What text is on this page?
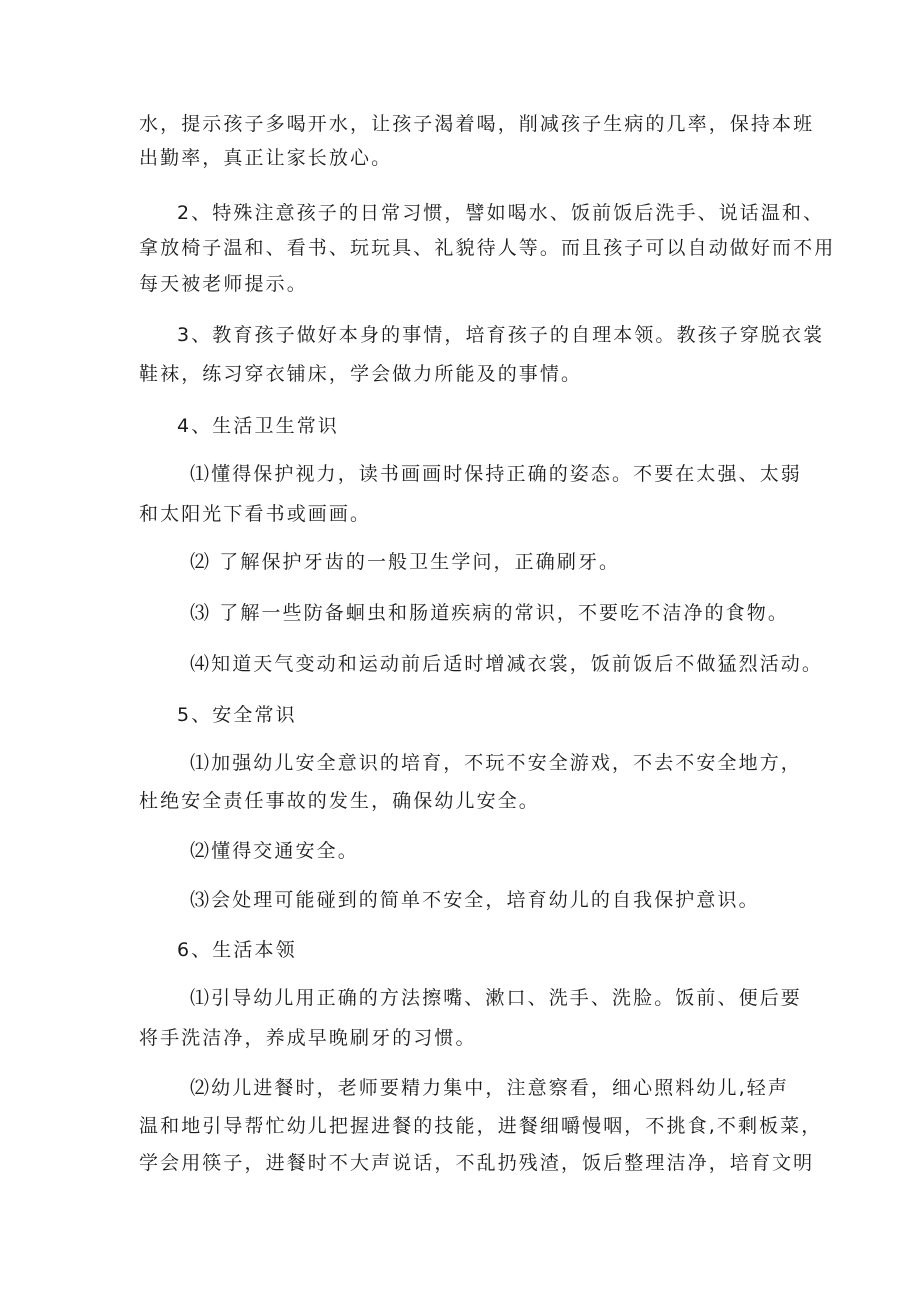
水，提示孩子多喝开水，让孩子渴着喝，削减孩子生病的几率，保持本班

出勤率，真正让家长放心。

2、特殊注意孩子的日常习惯，譬如喝水、饭前饭后洗手、说话温和、

拿放椅子温和、看书、玩玩具、礼貌待人等。而且孩子可以自动做好而不用

每天被老师提示。

3、教育孩子做好本身的事情，培育孩子的自理本领。教孩子穿脱衣裳

鞋袜，练习穿衣铺床，学会做力所能及的事情。

4、生活卫生常识

⑴懂得保护视力，读书画画时保持正确的姿态。不要在太强、太弱

和太阳光下看书或画画。

⑵ 了解保护牙齿的一般卫生学问，正确刷牙。

⑶ 了解一些防备蛔虫和肠道疾病的常识，不要吃不洁净的食物。

⑷知道天气变动和运动前后适时增减衣裳，饭前饭后不做猛烈活动。

5、安全常识

⑴加强幼儿安全意识的培育，不玩不安全游戏，不去不安全地方，

杜绝安全责任事故的发生，确保幼儿安全。

⑵懂得交通安全。

⑶会处理可能碰到的简单不安全，培育幼儿的自我保护意识。

6、生活本领

⑴引导幼儿用正确的方法擦嘴、漱口、洗手、洗脸。饭前、便后要

将手洗洁净，养成早晚刷牙的习惯。

⑵幼儿进餐时，老师要精力集中，注意察看，细心照料幼儿,轻声

温和地引导帮忙幼儿把握进餐的技能，进餐细嚼慢咽，不挑食,不剩板菜，

学会用筷子，进餐时不大声说话，不乱扔残渣，饭后整理洁净，培育文明
